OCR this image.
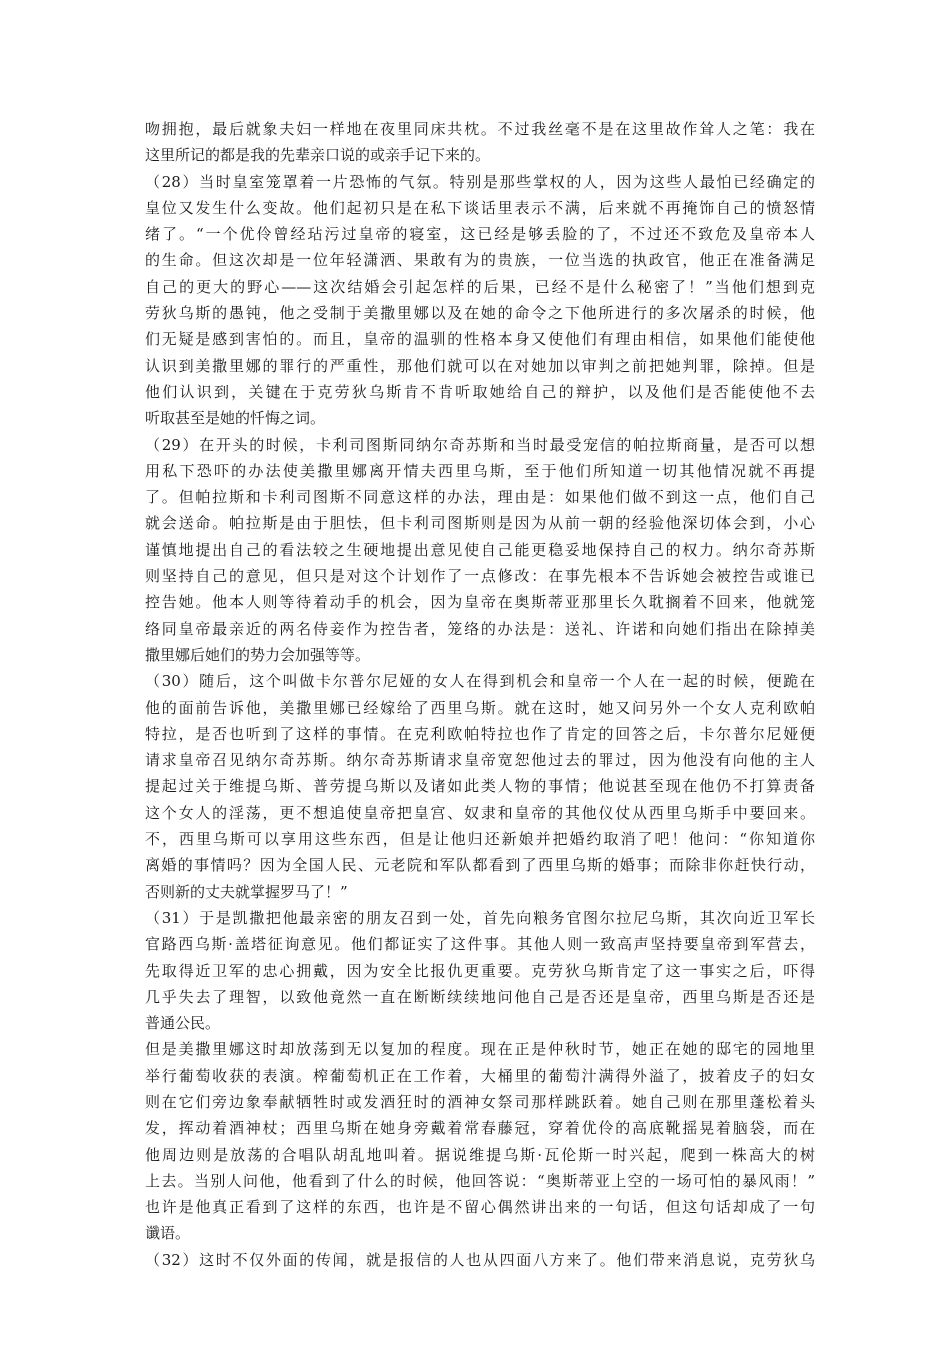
吻拥抱，最后就象夫妇一样地在夜里同床共枕。不过我丝毫不是在这里故作耸人之笔：我在
这里所记的都是我的先辈亲口说的或亲手记下来的。
（28）当时皇室笼罩着一片恐怖的气氛。特别是那些掌权的人，因为这些人最怕已经确定的
皇位又发生什么变故。他们起初只是在私下谈话里表示不满，后来就不再掩饰自己的愤怒情
绪了。“一个优伶曾经玷污过皇帝的寝室，这已经是够丢脸的了，不过还不致危及皇帝本人
的生命。但这次却是一位年轻潇洒、果敢有为的贵族，一位当选的执政官，他正在准备满足
自己的更大的野心——这次结婚会引起怎样的后果，已经不是什么秘密了！”当他们想到克
劳狄乌斯的愚钝，他之受制于美撒里娜以及在她的命令之下他所进行的多次屠杀的时候，他
们无疑是感到害怕的。而且，皇帝的温驯的性格本身又使他们有理由相信，如果他们能使他
认识到美撒里娜的罪行的严重性，那他们就可以在对她加以审判之前把她判罪，除掉。但是
他们认识到，关键在于克劳狄乌斯肯不肯听取她给自己的辩护，以及他们是否能使他不去
听取甚至是她的忏悔之词。
（29）在开头的时候，卡利司图斯同纳尔奇苏斯和当时最受宠信的帕拉斯商量，是否可以想
用私下恐吓的办法使美撒里娜离开情夫西里乌斯，至于他们所知道一切其他情况就不再提
了。但帕拉斯和卡利司图斯不同意这样的办法，理由是：如果他们做不到这一点，他们自己
就会送命。帕拉斯是由于胆怯，但卡利司图斯则是因为从前一朝的经验他深切体会到，小心
谨慎地提出自己的看法较之生硬地提出意见使自己能更稳妥地保持自己的权力。纳尔奇苏斯
则坚持自己的意见，但只是对这个计划作了一点修改：在事先根本不告诉她会被控告或谁已
控告她。他本人则等待着动手的机会，因为皇帝在奥斯蒂亚那里长久耽搁着不回来，他就笼
络同皇帝最亲近的两名侍妾作为控告者，笼络的办法是：送礼、许诺和向她们指出在除掉美
撒里娜后她们的势力会加强等等。
（30）随后，这个叫做卡尔普尔尼娅的女人在得到机会和皇帝一个人在一起的时候，便跪在
他的面前告诉他，美撒里娜已经嫁给了西里乌斯。就在这时，她又问另外一个女人克利欧帕
特拉，是否也听到了这样的事情。在克利欧帕特拉也作了肯定的回答之后，卡尔普尔尼娅便
请求皇帝召见纳尔奇苏斯。纳尔奇苏斯请求皇帝宽恕他过去的罪过，因为他没有向他的主人
提起过关于维提乌斯、普劳提乌斯以及诸如此类人物的事情；他说甚至现在他仍不打算责备
这个女人的淫荡，更不想追使皇帝把皇宫、奴隶和皇帝的其他仪仗从西里乌斯手中要回来。
不，西里乌斯可以享用这些东西，但是让他归还新娘并把婚约取消了吧！他问：“你知道你
离婚的事情吗？因为全国人民、元老院和军队都看到了西里乌斯的婚事；而除非你赶快行动，
否则新的丈夫就掌握罗马了！”
（31）于是凯撒把他最亲密的朋友召到一处，首先向粮务官图尔拉尼乌斯，其次向近卫军长
官路西乌斯·盖塔征询意见。他们都证实了这件事。其他人则一致高声坚持要皇帝到军营去，
先取得近卫军的忠心拥戴，因为安全比报仇更重要。克劳狄乌斯肯定了这一事实之后，吓得
几乎失去了理智，以致他竟然一直在断断续续地问他自己是否还是皇帝，西里乌斯是否还是
普通公民。
但是美撒里娜这时却放荡到无以复加的程度。现在正是仲秋时节，她正在她的邸宅的园地里
举行葡萄收获的表演。榨葡萄机正在工作着，大桶里的葡萄汁满得外溢了，披着皮子的妇女
则在它们旁边象奉献牺牲时或发酒狂时的酒神女祭司那样跳跃着。她自己则在那里蓬松着头
发，挥动着酒神杖；西里乌斯在她身旁戴着常春藤冠，穿着优伶的高底靴摇晃着脑袋，而在
他周边则是放荡的合唱队胡乱地叫着。据说维提乌斯·瓦伦斯一时兴起，爬到一株高大的树
上去。当别人问他，他看到了什么的时候，他回答说：“奥斯蒂亚上空的一场可怕的暴风雨！”
也许是他真正看到了这样的东西，也许是不留心偶然讲出来的一句话，但这句话却成了一句
谶语。
（32）这时不仅外面的传闻，就是报信的人也从四面八方来了。他们带来消息说，克劳狄乌
